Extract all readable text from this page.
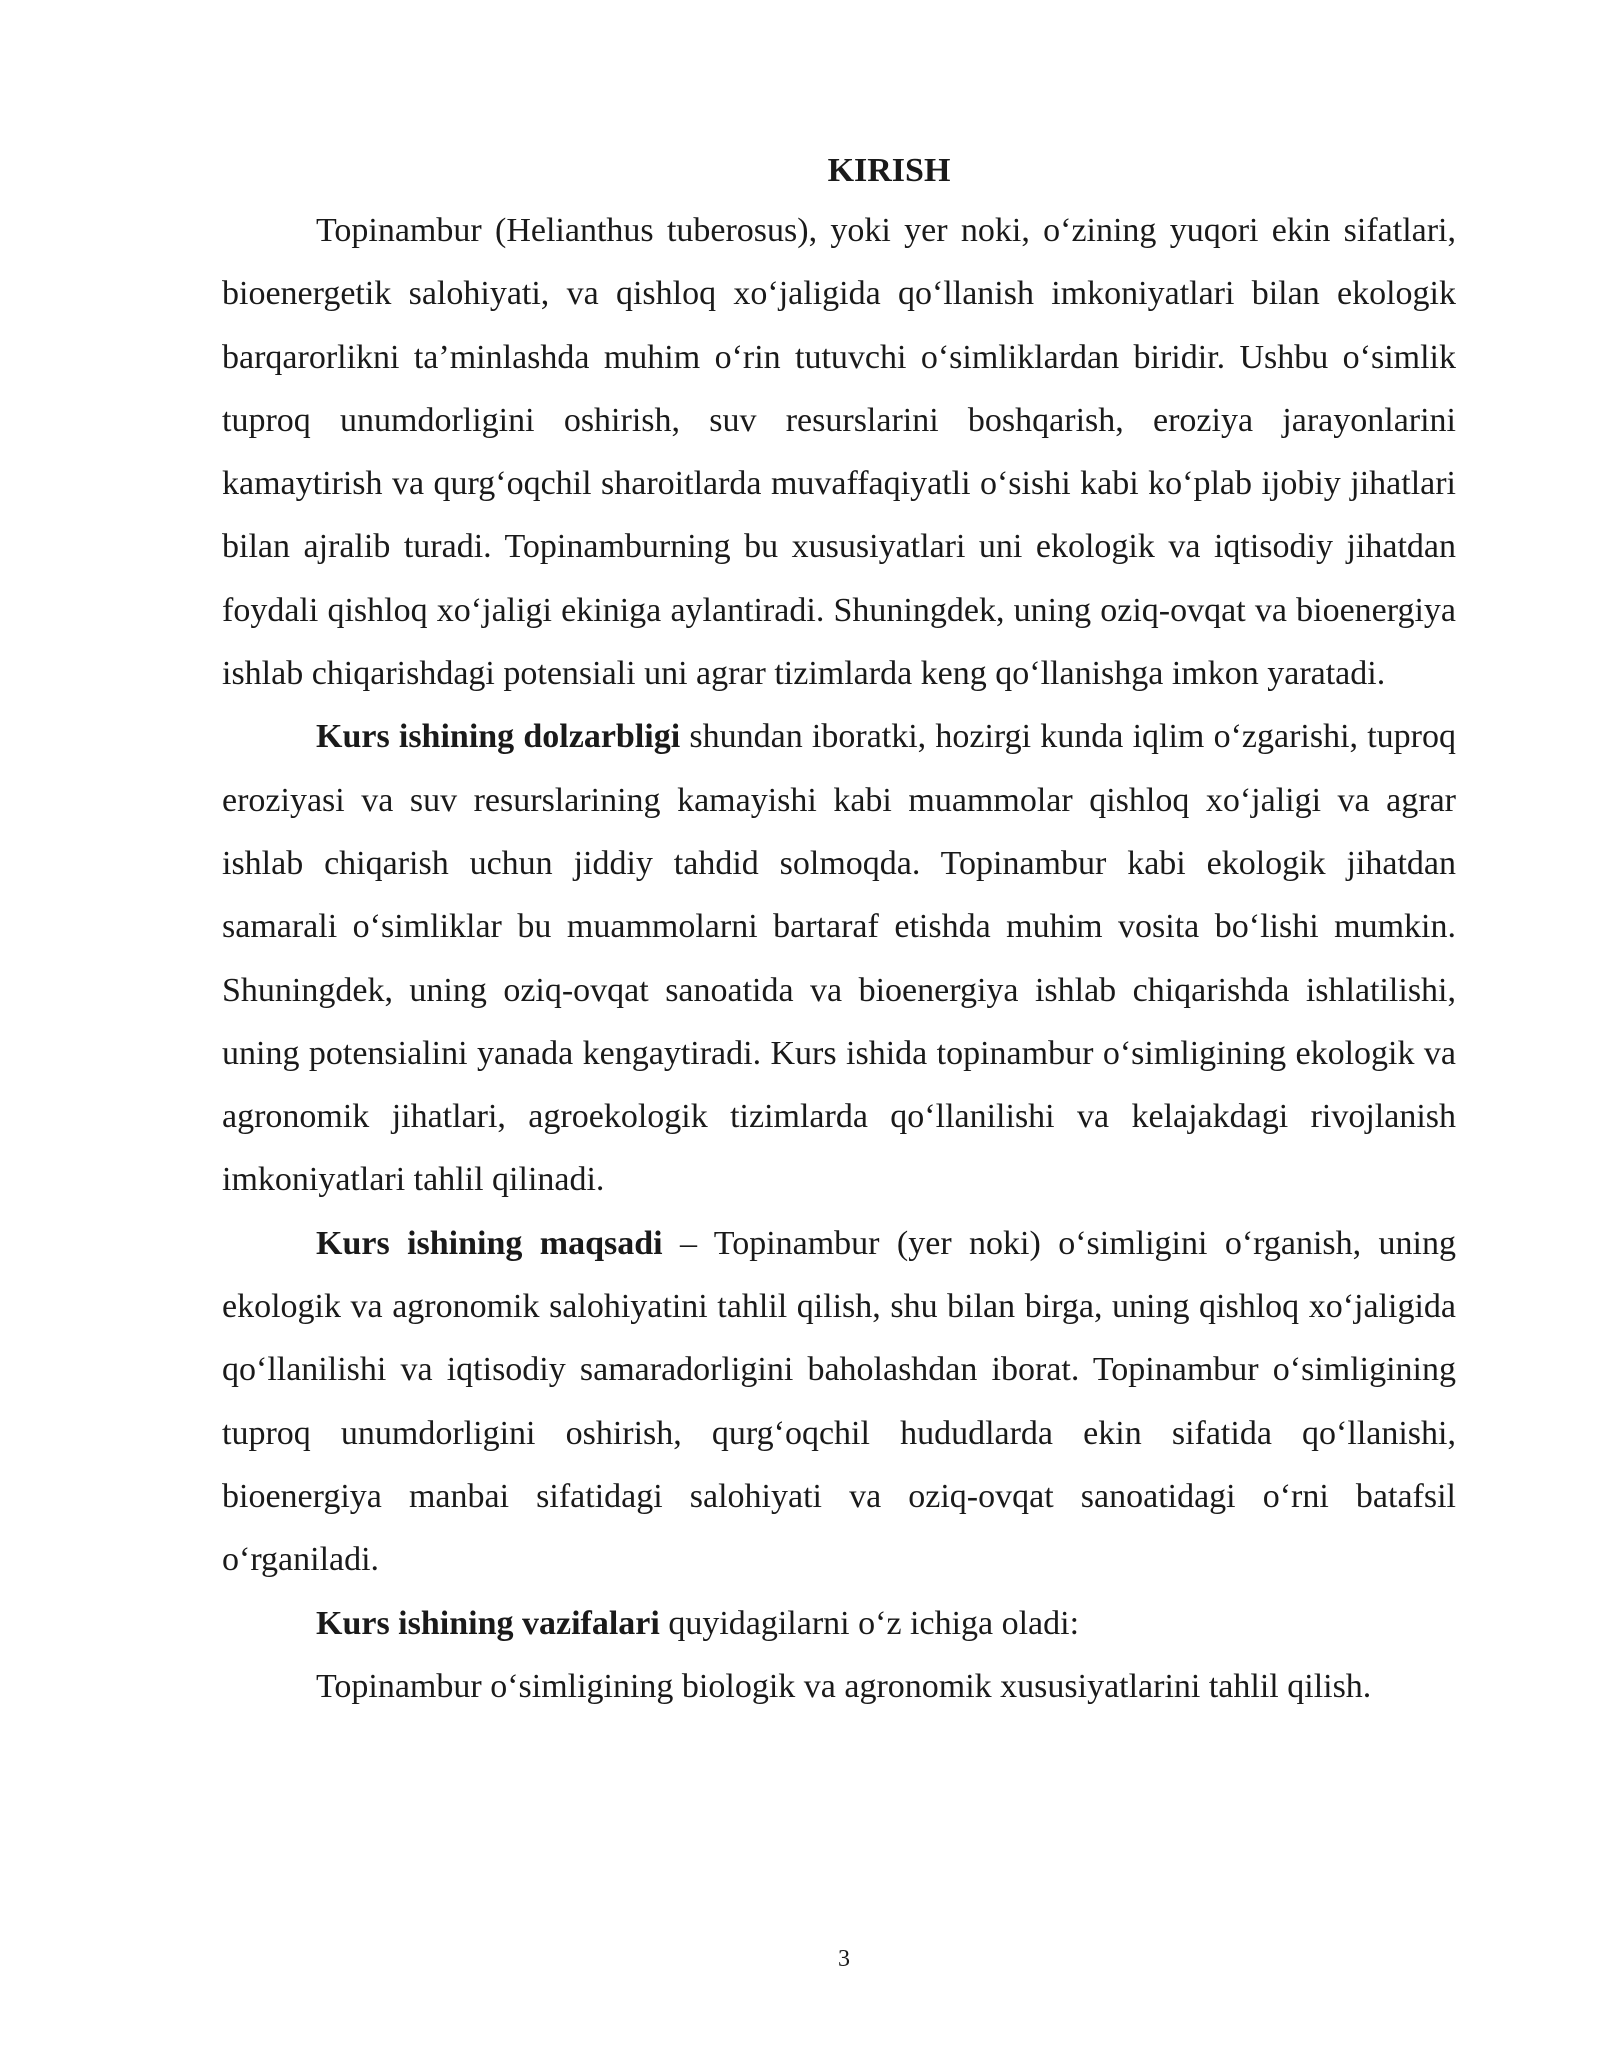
KIRISH

Topinambur (Helianthus tuberosus), yoki yer noki, o‘zining yuqori ekin sifatlari, bioenergetik salohiyati, va qishloq xo‘jaligida qo‘llanish imkoniyatlari bilan ekologik barqarorlikni ta’minlashda muhim o‘rin tutuvchi o‘simliklardan biridir. Ushbu o‘simlik tuproq unumdorligini oshirish, suv resurslarini boshqarish, eroziya jarayonlarini kamaytirish va qurg‘oqchil sharoitlarda muvaffaqiyatli o‘sishi kabi ko‘plab ijobiy jihatlari bilan ajralib turadi. Topinamburning bu xususiyatlari uni ekologik va iqtisodiy jihatdan foydali qishloq xo‘jaligi ekiniga aylantiradi. Shuningdek, uning oziq-ovqat va bioenergiya ishlab chiqarishdagi potensiali uni agrar tizimlarda keng qo‘llanishga imkon yaratadi.

Kurs ishining dolzarbligi shundan iboratki, hozirgi kunda iqlim o‘zgarishi, tuproq eroziyasi va suv resurslarining kamayishi kabi muammolar qishloq xo‘jaligi va agrar ishlab chiqarish uchun jiddiy tahdid solmoqda. Topinambur kabi ekologik jihatdan samarali o‘simliklar bu muammolarni bartaraf etishda muhim vosita bo‘lishi mumkin. Shuningdek, uning oziq-ovqat sanoatida va bioenergiya ishlab chiqarishda ishlatilishi, uning potensialini yanada kengaytiradi. Kurs ishida topinambur o‘simligining ekologik va agronomik jihatlari, agroekologik tizimlarda qo‘llanilishi va kelajakdagi rivojlanish imkoniyatlari tahlil qilinadi.

Kurs ishining maqsadi – Topinambur (yer noki) o‘simligini o‘rganish, uning ekologik va agronomik salohiyatini tahlil qilish, shu bilan birga, uning qishloq xo‘jaligida qo‘llanilishi va iqtisodiy samaradorligini baholashdan iborat. Topinambur o‘simligining tuproq unumdorligini oshirish, qurg‘oqchil hududlarda ekin sifatida qo‘llanishi, bioenergiya manbai sifatidagi salohiyati va oziq-ovqat sanoatidagi o‘rni batafsil o‘rganiladi.

Kurs ishining vazifalari quyidagilarni o‘z ichiga oladi:

Topinambur o‘simligining biologik va agronomik xususiyatlarini tahlil qilish.

3
